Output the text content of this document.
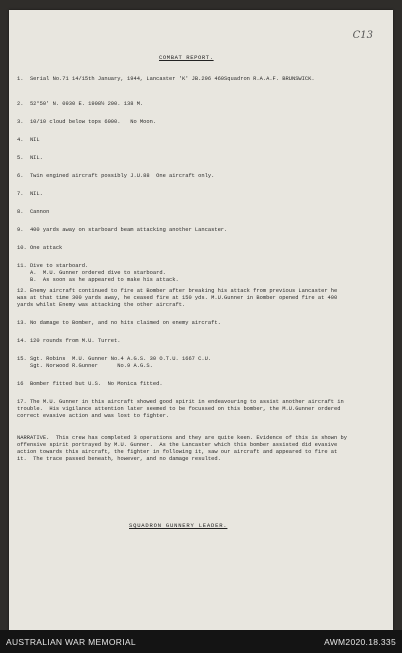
C13
COMBAT REPORT.
1.  Serial No.71 14/15th January, 1944, Lancaster 'K' JB.296 460Squadron R.A.A.F. BRUNSWICK.
2.  52°50' N. 0930 E. 1908½ 200. 138 M.
3.  10/10 cloud below tops 6000.   No Moon.
4.  NIL
5.  NIL.
6.  Twin engined aircraft possibly J.U.88  One aircraft only.
7.  NIL.
8.  Cannon
9.  400 yards away on starboard beam attacking another Lancaster.
10. One attack
11. Dive to starboard.
A.  M.U. Gunner ordered dive to starboard.
B.  As soon as he appeared to make his attack.
12. Enemy aircraft continued to fire at Bomber after breaking his attack from previous Lancaster he was at that time 300 yards away, he ceased fire at 150 yds. M.U.Gunner in Bomber opened fire at 400 yards whilst Enemy was attacking the other aircraft.
13. No damage to Bomber, and no hits claimed on enemy aircraft.
14. 120 rounds from M.U. Turret.
15. Sgt. Robins  M.U. Gunner No.4 A.G.S. 30 O.T.U. 1667 C.U.
Sgt. Norwood R.Gunner      No.9 A.G.S.
16  Bomber fitted but U.S.  No Monica fitted.
17. The M.U. Gunner in this aircraft showed good spirit in endeavouring to assist another aircraft in trouble.  His vigilance attention later seemed to be focussed on this bomber, the M.U.Gunner ordered correct evasive action and was lost to fighter.
NARRATIVE.  This crew has completed 3 operations and they are quite keen. Evidence of this is shown by offensive spirit portrayed by M.U. Gunner.  As the Lancaster which this bomber assisted did evasive action towards this aircraft, the fighter in following it, saw our aircraft and appeared to fire at it.  The trace passed beneath, however, and no damage resulted.
SQUADRON GUNNERY LEADER.
AUSTRALIAN WAR MEMORIAL	AWM2020.18.335
